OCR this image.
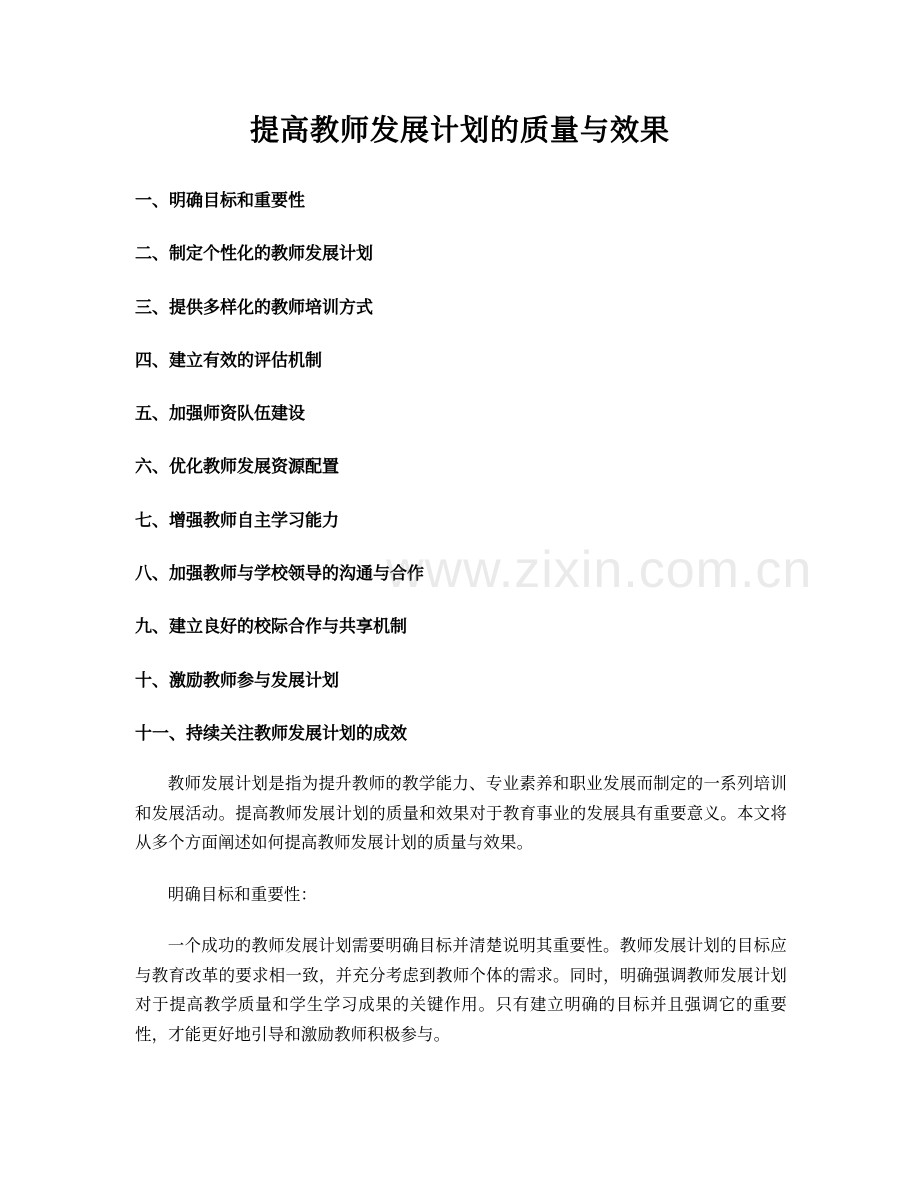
提高教师发展计划的质量与效果
一、明确目标和重要性
二、制定个性化的教师发展计划
三、提供多样化的教师培训方式
四、建立有效的评估机制
五、加强师资队伍建设
六、优化教师发展资源配置
七、增强教师自主学习能力
八、加强教师与学校领导的沟通与合作
九、建立良好的校际合作与共享机制
十、激励教师参与发展计划
十一、持续关注教师发展计划的成效

教师发展计划是指为提升教师的教学能力、专业素养和职业发展而制定的一系列培训和发展活动。提高教师发展计划的质量和效果对于教育事业的发展具有重要意义。本文将从多个方面阐述如何提高教师发展计划的质量与效果。

明确目标和重要性：

一个成功的教师发展计划需要明确目标并清楚说明其重要性。教师发展计划的目标应与教育改革的要求相一致，并充分考虑到教师个体的需求。同时，明确强调教师发展计划对于提高教学质量和学生学习成果的关键作用。只有建立明确的目标并且强调它的重要性，才能更好地引导和激励教师积极参与。

www.zixin.com.cn
